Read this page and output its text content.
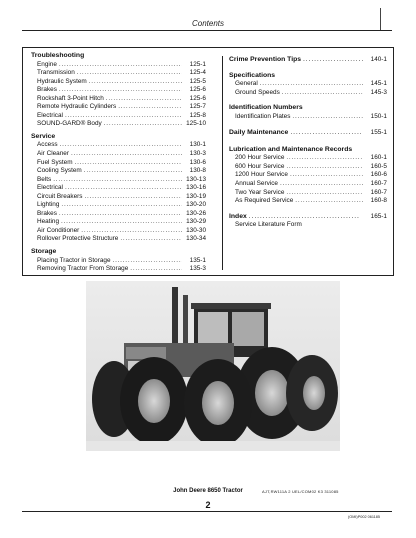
Contents
Troubleshooting
Engine . . .	125-1
Transmission . . .	125-4
Hydraulic System . . .	125-5
Brakes . . .	125-6
Rockshaft 3-Point Hitch . . .	125-6
Remote Hydraulic Cylinders . . .	125-7
Electrical . . .	125-8
SOUND-GARD® Body . . .	125-10
Service
Access . . .	130-1
Air Cleaner . . .	130-3
Fuel System . . .	130-6
Cooling System . . .	130-8
Belts . . .	130-13
Electrical . . .	130-16
Circuit Breakers . . .	130-19
Lighting . . .	130-20
Brakes . . .	130-26
Heating . . .	130-29
Air Conditioner . . .	130-30
Rollover Protective Structure . . .	130-34
Storage
Placing Tractor in Storage . . .	135-1
Removing Tractor From Storage . . .	135-3
Crime Prevention Tips . . .	140-1
Specifications
General . . .	145-1
Ground Speeds . . .	145-3
Identification Numbers
Identification Plates . . .	150-1
Daily Maintenance . . .	155-1
Lubrication and Maintenance Records
200 Hour Service . . .	160-1
600 Hour Service . . .	160-5
1200 Hour Service . . .	160-6
Annual Service . . .	160-7
Two Year Service . . .	160-7
As Required Service . . .	160-8
Index . . .	165-1
Service Literature Form
John Deere 8650 Tractor	AJT,RW111A 2 UEL/COM02 K3 311085
2
(OMI)P002 061185
